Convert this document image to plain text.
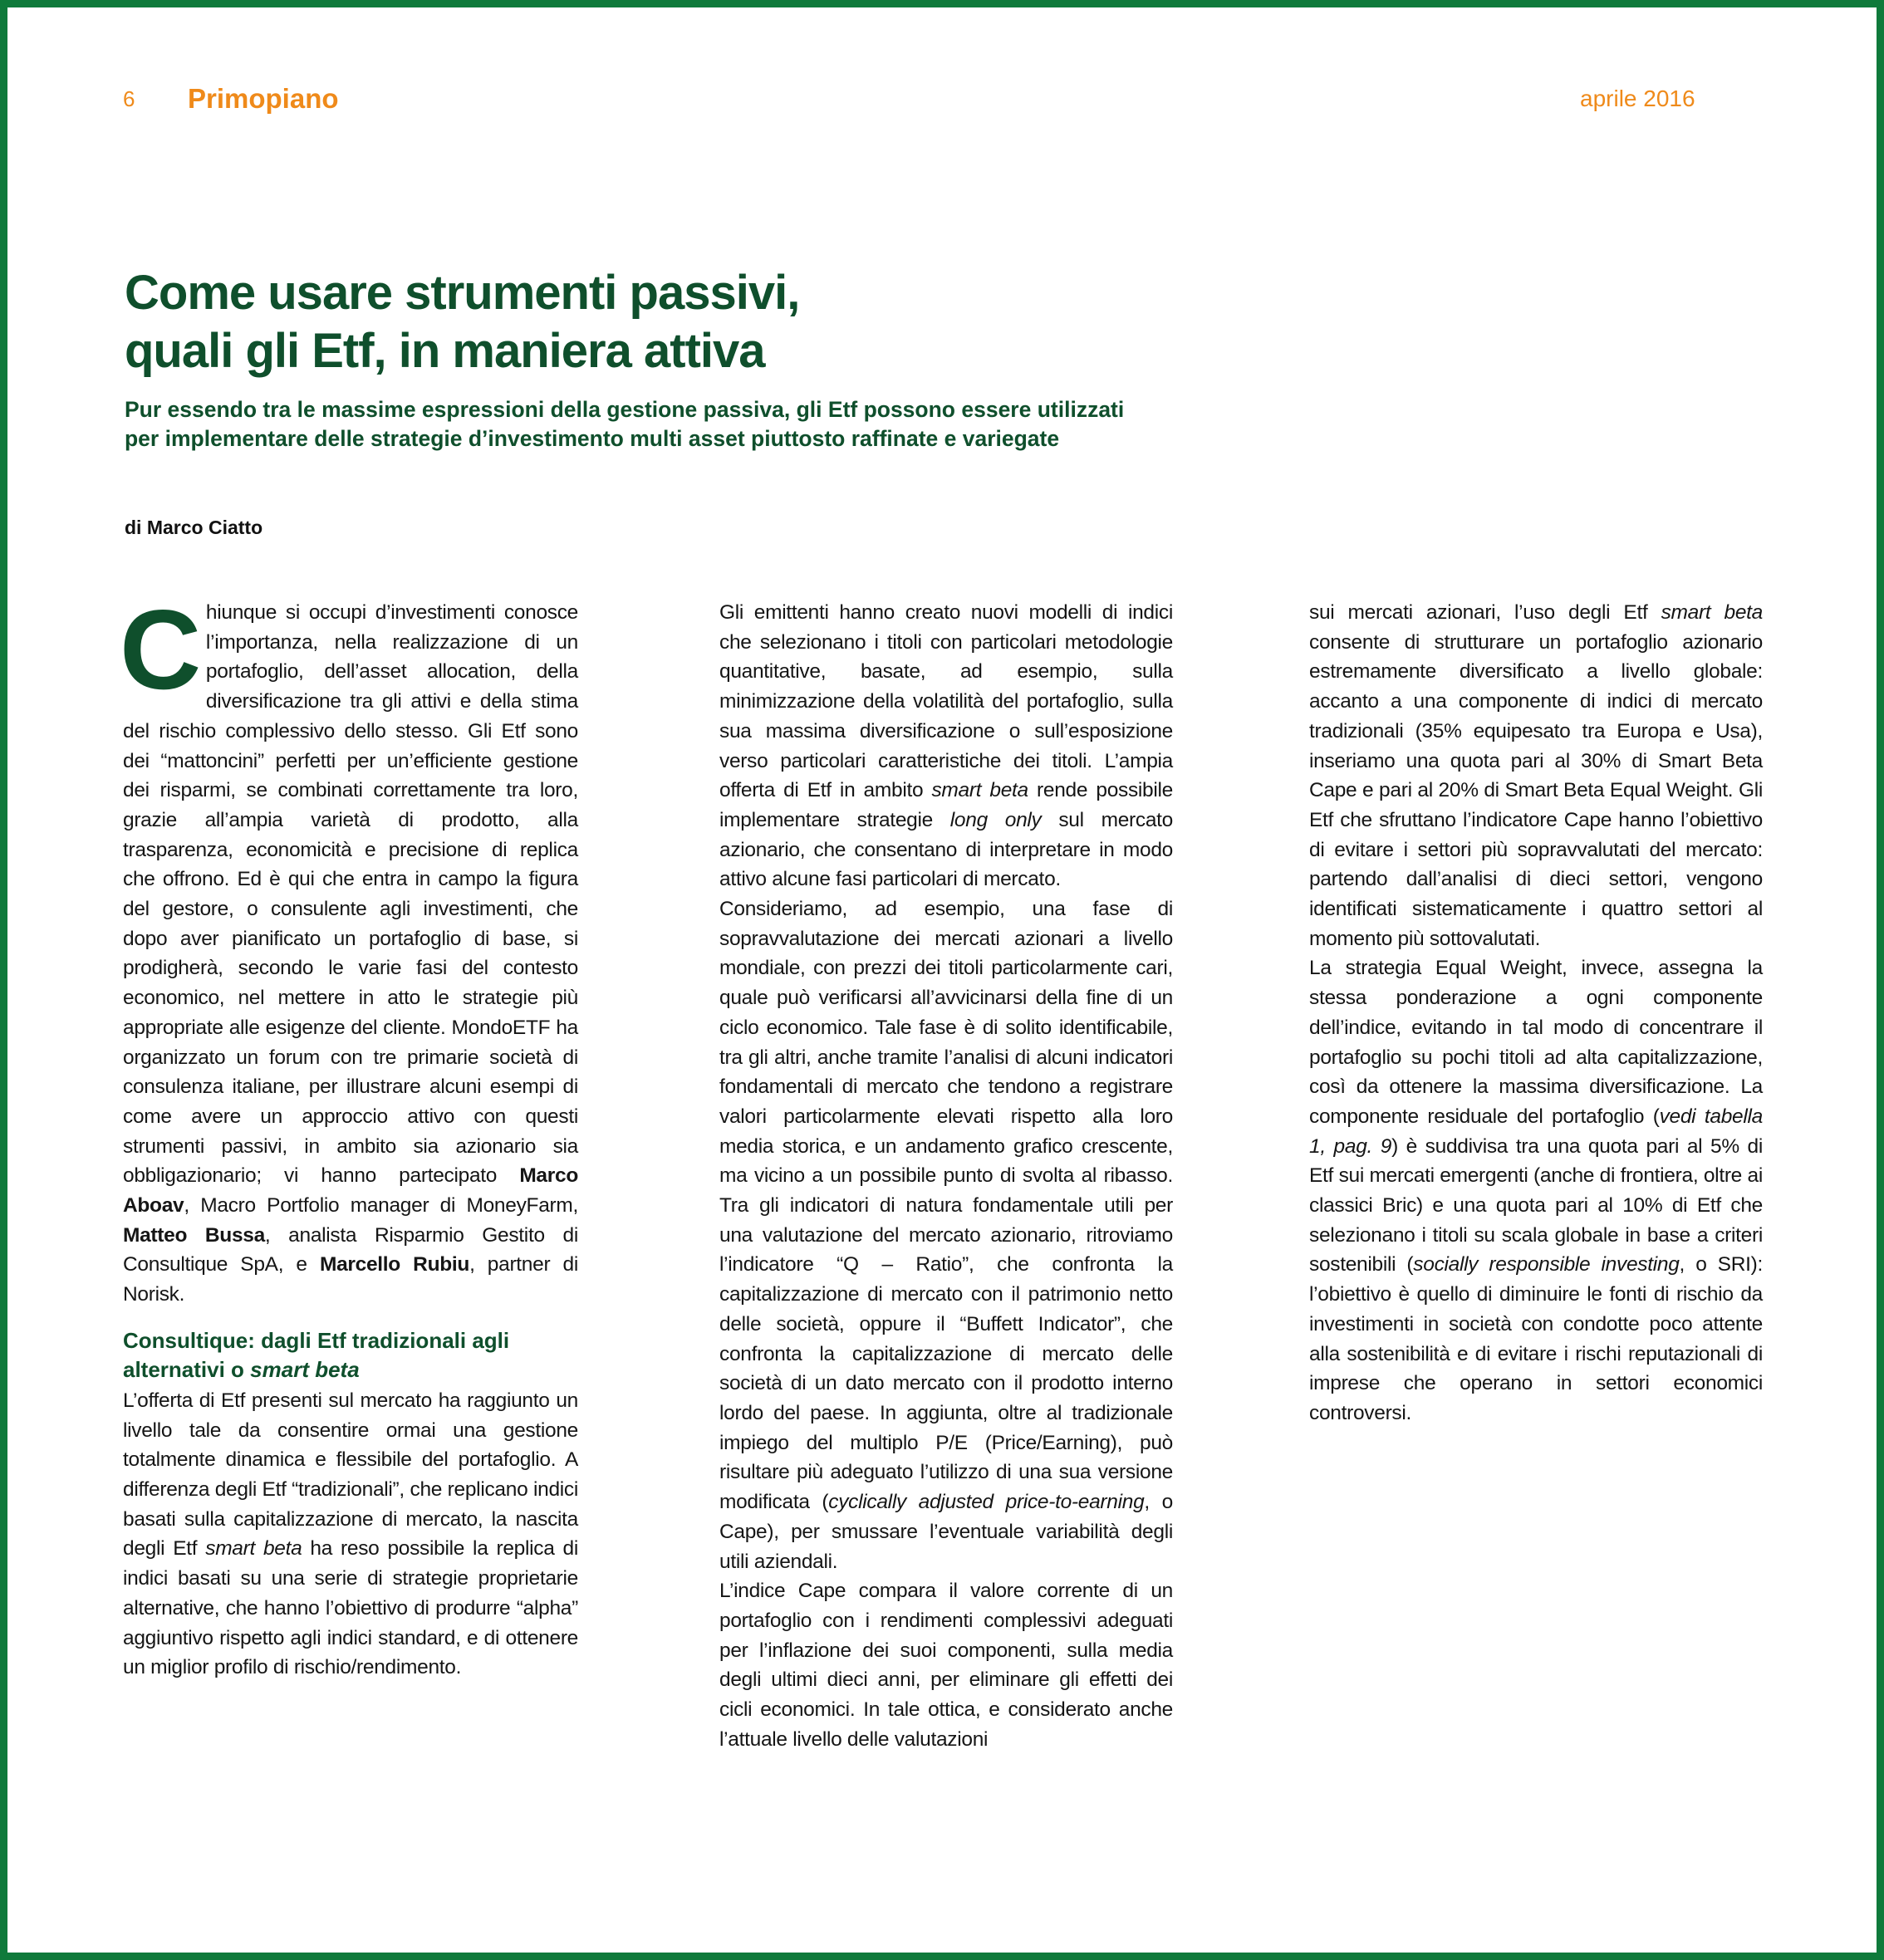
6 Primopiano	aprile 2016
Come usare strumenti passivi,
quali gli Etf, in maniera attiva
Pur essendo tra le massime espressioni della gestione passiva, gli Etf possono essere utilizzati
per implementare delle strategie d’investimento multi asset piuttosto raffinate e variegate
di Marco Ciatto

Chiunque si occupi d’investimenti conosce l’importanza, nella realizzazione di un portafoglio, dell’asset allocation, della diversificazione tra gli attivi e della stima del rischio complessivo dello stesso. Gli Etf sono dei “mattoncini” perfetti per un’efficiente gestione dei risparmi, se combinati correttamente tra loro, grazie all’ampia varietà di prodotto, alla trasparenza, economicità e precisione di replica che offrono. Ed è qui che entra in campo la figura del gestore, o consulente agli investimenti, che dopo aver pianificato un portafoglio di base, si prodigherà, secondo le varie fasi del contesto economico, nel mettere in atto le strategie più appropriate alle esigenze del cliente. MondoETF ha organizzato un forum con tre primarie società di consulenza italiane, per illustrare alcuni esempi di come avere un approccio attivo con questi strumenti passivi, in ambito sia azionario sia obbligazionario; vi hanno partecipato Marco Aboav, Macro Portfolio manager di MoneyFarm, Matteo Bussa, analista Risparmio Gestito di Consultique SpA, e Marcello Rubiu, partner di Norisk.

Consultique: dagli Etf tradizionali agli alternativi o smart beta

L’offerta di Etf presenti sul mercato ha raggiunto un livello tale da consentire ormai una gestione totalmente dinamica e flessibile del portafoglio. A differenza degli Etf “tradizionali”, che replicano indici basati sulla capitalizzazione di mercato, la nascita degli Etf smart beta ha reso possibile la replica di indici basati su una serie di strategie proprietarie alternative, che hanno l’obiettivo di produrre “alpha” aggiuntivo rispetto agli indici standard, e di ottenere un miglior profilo di rischio/rendimento.

Gli emittenti hanno creato nuovi modelli di indici che selezionano i titoli con particolari metodologie quantitative, basate, ad esempio, sulla minimizzazione della volatilità del portafoglio, sulla sua massima diversificazione o sull’esposizione verso particolari caratteristiche dei titoli. L’ampia offerta di Etf in ambito smart beta rende possibile implementare strategie long only sul mercato azionario, che consentano di interpretare in modo attivo alcune fasi particolari di mercato.

Consideriamo, ad esempio, una fase di sopravvalutazione dei mercati azionari a livello mondiale, con prezzi dei titoli particolarmente cari, quale può verificarsi all’avvicinarsi della fine di un ciclo economico. Tale fase è di solito identificabile, tra gli altri, anche tramite l’analisi di alcuni indicatori fondamentali di mercato che tendono a registrare valori particolarmente elevati rispetto alla loro media storica, e un andamento grafico crescente, ma vicino a un possibile punto di svolta al ribasso. Tra gli indicatori di natura fondamentale utili per una valutazione del mercato azionario, ritroviamo l’indicatore “Q – Ratio”, che confronta la capitalizzazione di mercato con il patrimonio netto delle società, oppure il “Buffett Indicator”, che confronta la capitalizzazione di mercato delle società di un dato mercato con il prodotto interno lordo del paese. In aggiunta, oltre al tradizionale impiego del multiplo P/E (Price/Earning), può risultare più adeguato l’utilizzo di una sua versione modificata (cyclically adjusted price-to-earning, o Cape), per smussare l’eventuale variabilità degli utili aziendali.

L’indice Cape compara il valore corrente di un portafoglio con i rendimenti complessivi adeguati per l’inflazione dei suoi componenti, sulla media degli ultimi dieci anni, per eliminare gli effetti dei cicli economici. In tale ottica, e considerato anche l’attuale livello delle valutazioni

sui mercati azionari, l’uso degli Etf smart beta consente di strutturare un portafoglio azionario estremamente diversificato a livello globale: accanto a una componente di indici di mercato tradizionali (35% equipesato tra Europa e Usa), inseriamo una quota pari al 30% di Smart Beta Cape e pari al 20% di Smart Beta Equal Weight. Gli Etf che sfruttano l’indicatore Cape hanno l’obiettivo di evitare i settori più sopravvalutati del mercato: partendo dall’analisi di dieci settori, vengono identificati sistematicamente i quattro settori al momento più sottovalutati.

La strategia Equal Weight, invece, assegna la stessa ponderazione a ogni componente dell’indice, evitando in tal modo di concentrare il portafoglio su pochi titoli ad alta capitalizzazione, così da ottenere la massima diversificazione. La componente residuale del portafoglio (vedi tabella 1, pag. 9) è suddivisa tra una quota pari al 5% di Etf sui mercati emergenti (anche di frontiera, oltre ai classici Bric) e una quota pari al 10% di Etf che selezionano i titoli su scala globale in base a criteri sostenibili (socially responsible investing, o SRI): l’obiettivo è quello di diminuire le fonti di rischio da investimenti in società con condotte poco attente alla sostenibilità e di evitare i rischi reputazionali di imprese che operano in settori economici controversi.
